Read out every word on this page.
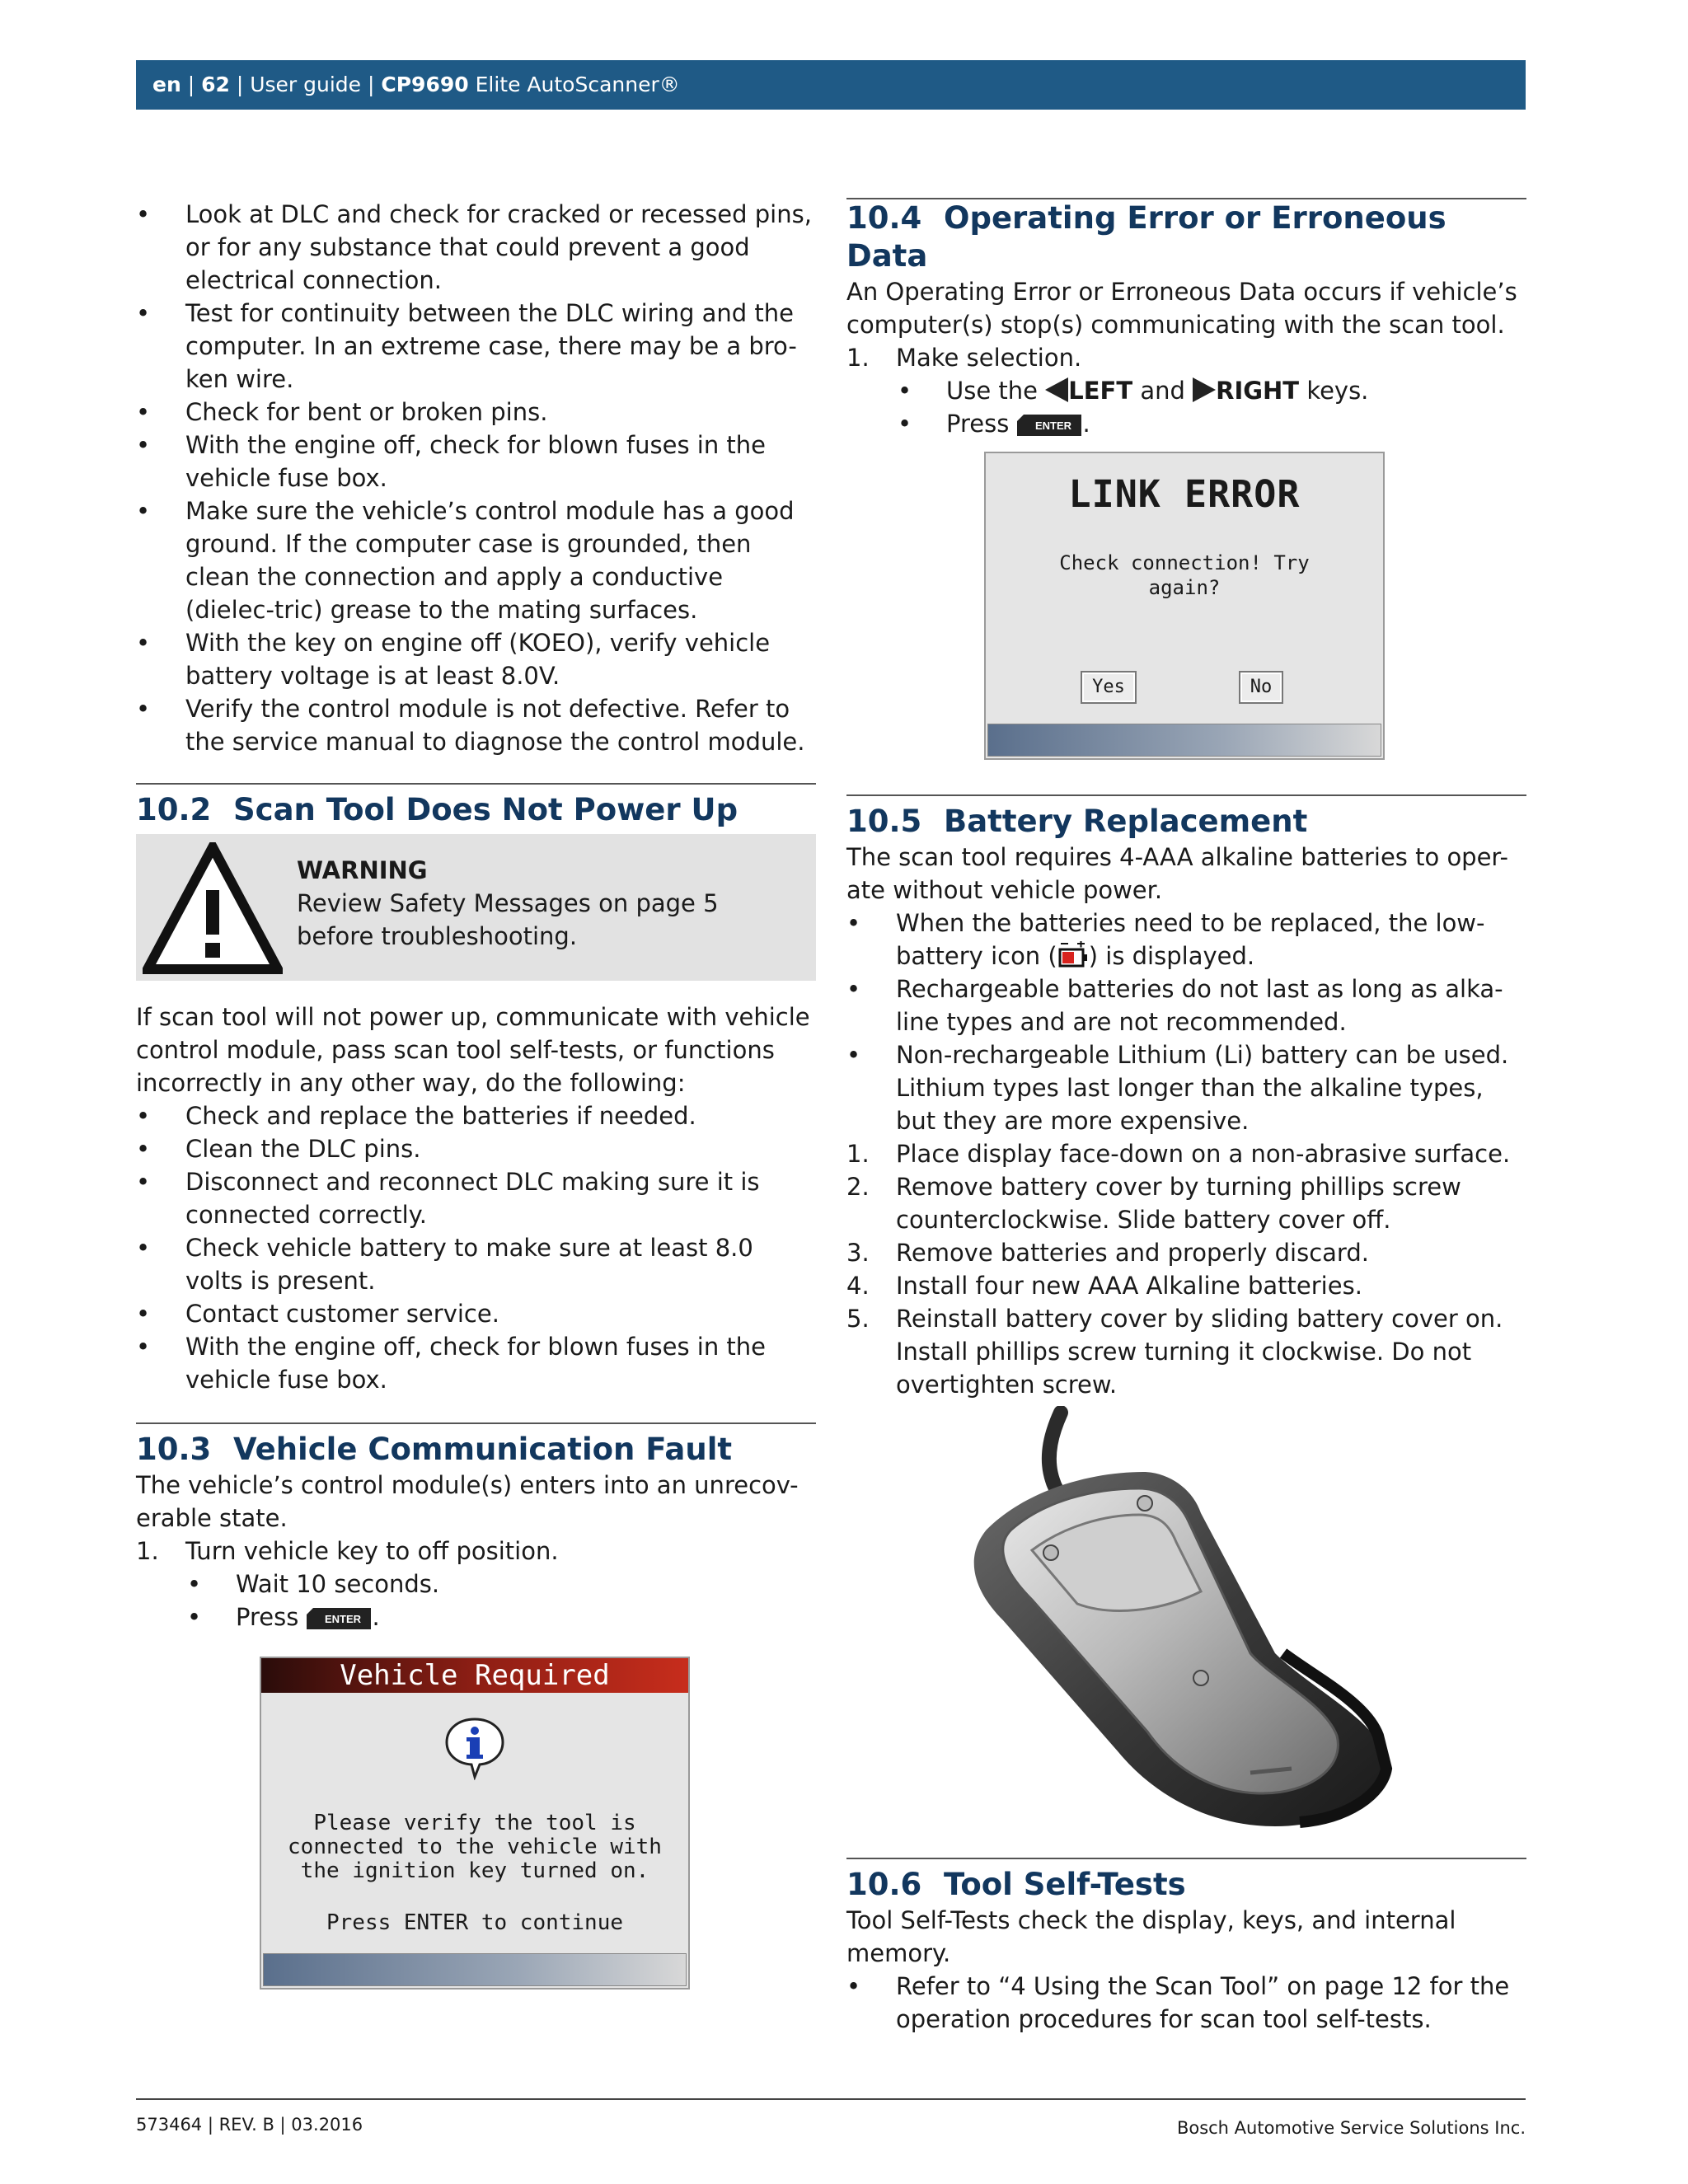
en | 62 | User guide | CP9690 Elite AutoScanner®
• Look at DLC and check for cracked or recessed pins, or for any substance that could prevent a good electrical connection.
• Test for continuity between the DLC wiring and the computer. In an extreme case, there may be a bro-ken wire.
• Check for bent or broken pins.
• With the engine off, check for blown fuses in the vehicle fuse box.
• Make sure the vehicle’s control module has a good ground. If the computer case is grounded, then clean the connection and apply a conductive (dielec-tric) grease to the mating surfaces.
• With the key on engine off (KOEO), verify vehicle battery voltage is at least 8.0V.
• Verify the control module is not defective. Refer to the service manual to diagnose the control module.
10.2 Scan Tool Does Not Power Up
WARNING
Review Safety Messages on page 5
before troubleshooting.

If scan tool will not power up, communicate with vehicle control module, pass scan tool self-tests, or functions incorrectly in any other way, do the following:

• Check and replace the batteries if needed.
• Clean the DLC pins.
• Disconnect and reconnect DLC making sure it is connected correctly.
• Check vehicle battery to make sure at least 8.0 volts is present.
• Contact customer service.
• With the engine off, check for blown fuses in the vehicle fuse box.
10.3 Vehicle Communication Fault

The vehicle’s control module(s) enters into an unrecov-erable state.

1. Turn vehicle key to off position.
• Wait 10 seconds.
• Press ENTER .
Vehicle Required
Please verify the tool is
connected to the vehicle with
the ignition key turned on.
Press ENTER to continue
10.4 Operating Error or Erroneous Data

An Operating Error or Erroneous Data occurs if vehicle’s computer(s) stop(s) communicating with the scan tool.

1. Make selection.
• Use the LEFT and RIGHT keys.
• Press ENTER .
LINK ERROR
Check connection! Try
again?
Yes	No
10.5 Battery Replacement

The scan tool requires 4-AAA alkaline batteries to oper-ate without vehicle power.

• When the batteries need to be replaced, the low-battery icon ( ) is displayed.
• Rechargeable batteries do not last as long as alka-line types and are not recommended.
• Non-rechargeable Lithium (Li) battery can be used. Lithium types last longer than the alkaline types, but they are more expensive.
1. Place display face-down on a non-abrasive surface.
2. Remove battery cover by turning phillips screw counterclockwise. Slide battery cover off.
3. Remove batteries and properly discard.
4. Install four new AAA Alkaline batteries.
5. Reinstall battery cover by sliding battery cover on. Install phillips screw turning it clockwise. Do not overtighten screw.
10.6 Tool Self-Tests

Tool Self-Tests check the display, keys, and internal memory.

• Refer to “4 Using the Scan Tool” on page 12 for the operation procedures for scan tool self-tests.
573464 | REV. B | 03.2016	Bosch Automotive Service Solutions Inc.
